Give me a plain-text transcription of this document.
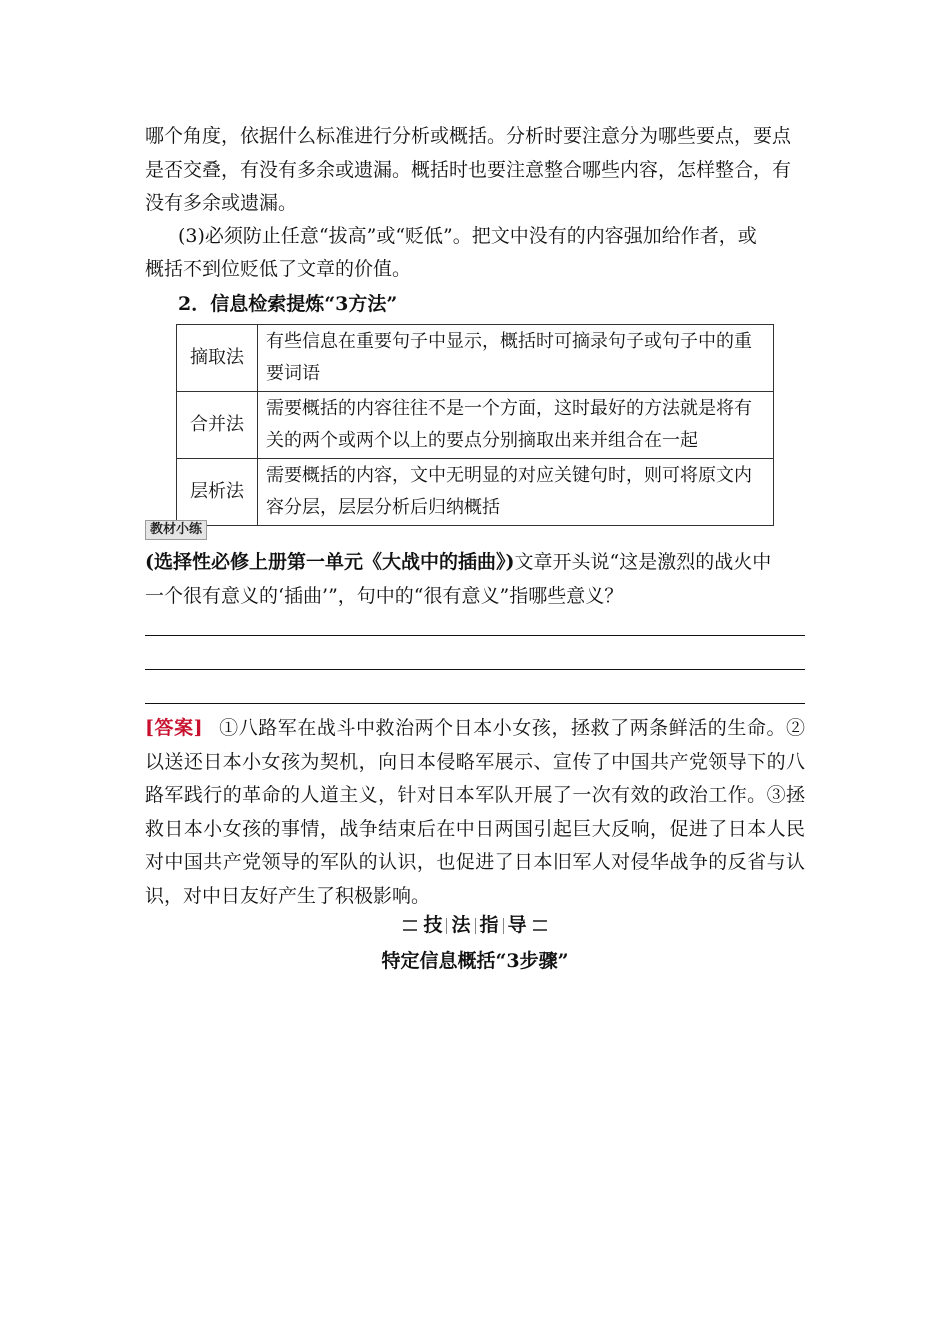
哪个角度，依据什么标准进行分析或概括。分析时要注意分为哪些要点，要点是否交叠，有没有多余或遗漏。概括时也要注意整合哪些内容，怎样整合，有没有多余或遗漏。
(3)必须防止任意“拔高”或“贬低”。把文中没有的内容强加给作者，或
概括不到位贬低了文章的价值。
2．信息检索提炼“3方法”
摘取法	有些信息在重要句子中显示，概括时可摘录句子或句子中的重要词语
合并法	需要概括的内容往往不是一个方面，这时最好的方法就是将有关的两个或两个以上的要点分别摘取出来并组合在一起
层析法	需要概括的内容，文中无明显的对应关键句时，则可将原文内容分层，层层分析后归纳概括
教材小练
(选择性必修上册第一单元《大战中的插曲》)文章开头说“这是激烈的战火中
一个很有意义的‘插曲’”，句中的“很有意义”指哪些意义？
[答案] ①八路军在战斗中救治两个日本小女孩，拯救了两条鲜活的生命。②以送还日本小女孩为契机，向日本侵略军展示、宣传了中国共产党领导下的八路军践行的革命的人道主义，针对日本军队开展了一次有效的政治工作。③拯救日本小女孩的事情，战争结束后在中日两国引起巨大反响，促进了日本人民对中国共产党领导的军队的认识，也促进了日本旧军人对侵华战争的反省与认识，对中日友好产生了积极影响。
技 法 指 导
特定信息概括“3步骤”
